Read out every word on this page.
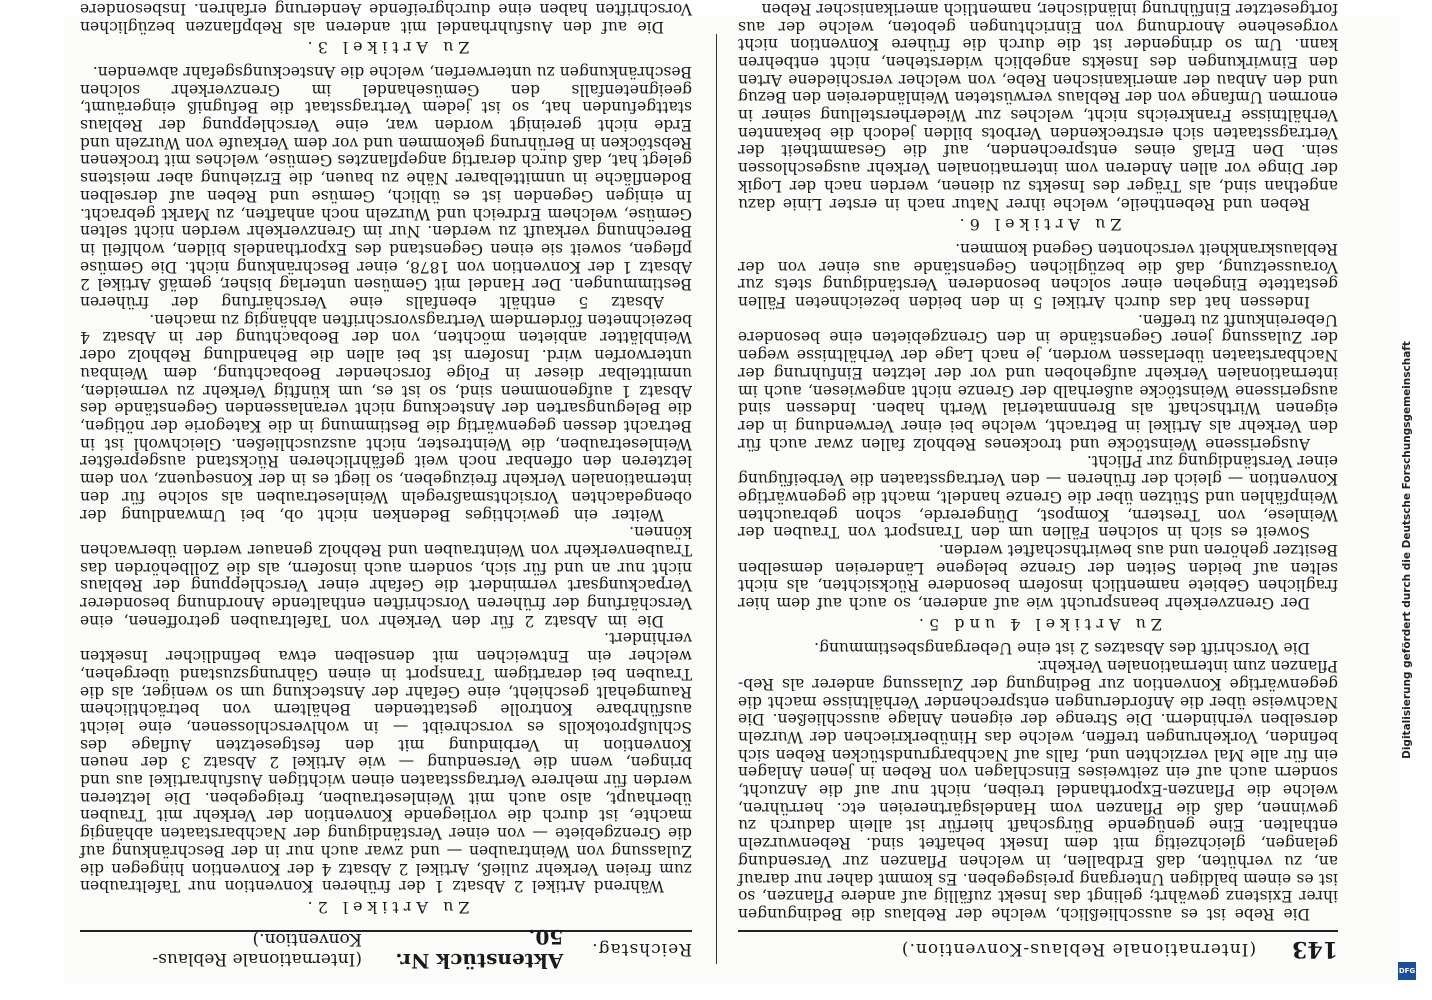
143
(Internationale Reblaus-Konvention.)
Reichstag.
Aktenstück Nr. 50.
(Internationale Reblaus-Konvention.)

Die Rebe ist es ausschließlich, welche der Reblaus die Bedingungen ihrer Existenz gewährt; gelingt das Insekt zufällig auf andere Pflanzen, so ist es einem baldigen Untergang preisgegeben. Es kommt daher nur darauf an, zu verhüten, daß Erdballen, in welchen Pflanzen zur Versendung gelangen, gleichzeitig mit dem Insekt behaftet sind. Rebenwurzeln enthalten. Eine genügende Bürgschaft hierfür ist allein dadurch zu gewinnen, daß die Pflanzen vom Handelsgärtnereien etc. herrühren, welche die Pflanzen-Exporthandel treiben, nicht nur auf die Anzucht, sondern auch auf ein zeitweises Einschlagen von Reben in jenen Anlagen ein für alle Mal verzichten und, falls auf Nachbargrundstücken Reben sich befinden, Vorkehrungen treffen, welche das Hinüberkriechen der Wurzeln derselben verhindern. Die Strenge der eigenen Anlage ausschließen. Die Nachweise über die Anforderungen entsprechender Verhältnisse macht die gegenwärtige Konvention zur Bedingung der Zulassung anderer als Reb-Pflanzen zum internationalen Verkehr.

Die Vorschrift des Absatzes 2 ist eine Uebergangsbestimmung.

Zu Artikel 4 und 5.

Der Grenzverkehr beansprucht wie auf anderen, so auch auf dem hier fraglichen Gebiete namentlich insofern besondere Rücksichten, als nicht selten auf beiden Seiten der Grenze belegene Ländereien demselben Besitzer gehören und aus bewirthschaftet werden.

Soweit es sich in solchen Fällen um den Transport von Trauben der Weinlese, von Trestern, Kompost, Düngererde, schon gebrauchten Weinpfählen und Stützen über die Grenze handelt, macht die gegenwärtige Konvention — gleich der früheren — den Vertragsstaaten die Verbeifügung einer Verständigung zur Pflicht.

Ausgerissene Weinstöcke und trockenes Rebholz fallen zwar auch für den Verkehr als Artikel in Betracht, welche bei einer Verwendung in der eigenen Wirthschaft als Brennmaterial Werth haben. Indessen sind ausgerissene Weinstöcke außerhalb der Grenze nicht angewiesen, auch im internationalen Verkehr aufgehoben und vor der letzten Einfuhrung der Nachbarstaaten überlassen worden, je nach Lage der Verhältnisse wegen der Zulassung jener Gegenstände in den Grenzgebieten eine besondere Uebereinkunft zu treffen.

Indessen hat das durch Artikel 5 in den beiden bezeichneten Fällen gestattete Eingehen einer solchen besonderen Verständigung stets zur Voraussetzung, daß die bezüglichen Gegenstände aus einer von der Reblauskrankheit verschonten Gegend kommen.

Zu Artikel 6.

Reben und Rebentheile, welche ihrer Natur nach in erster Linie dazu angethan sind, als Träger des Insekts zu dienen, werden nach der Logik der Dinge vor allen Anderen vom internationalen Verkehr ausgeschlossen sein. Den Erlaß eines entsprechenden, auf die Gesammtheit der Vertragsstaaten sich erstreckenden Verbots bilden jedoch die bekannten Verhältnisse Frankreichs nicht, welches zur Wiederherstellung seiner in enormen Umfange von der Reblaus verwüsteten Weinländereien den Bezug und den Anbau der amerikanischen Rebe, von welcher verschiedene Arten den Einwirkungen des Insekts angeblich widerstehen, nicht entbehren kann. Um so dringender ist die durch die frühere Konvention nicht vorgesehene Anordnung von Einrichtungen geboten, welche der aus fortgesetzter Einführung inländischer, namentlich amerikanischer Reben

Zu Artikel 2.

Während Artikel 2 Absatz 1 der früheren Konvention nur Tafeltrauben zum freien Verkehr zuließ, Artikel 2 Absatz 4 der Konvention hingegen die Zulassung von Weintrauben — und zwar auch nur in der Beschränkung auf die Grenzgebiete — von einer Verständigung der Nachbarstaaten abhängig machte, ist durch die vorliegende Konvention der Verkehr mit Trauben überhaupt, also auch mit Weinlesetrauben, freigegeben. Die letzteren werden für mehrere Vertragsstaaten einen wichtigen Ausfuhrartikel aus und bringen, wenn die Versendung — wie Artikel 2 Absatz 3 der neuen Konvention in Verbindung mit den festgesetzten Auflage des Schlußprotokolls es vorschreibt — in wohlverschlossenen, eine leicht ausführbare Kontrolle gestattenden Behältern von beträchtlichem Raumgehalt geschieht, eine Gefahr der Ansteckung um so weniger, als die Trauben bei derartigem Transport in einen Gährungszustand übergehen, welcher ein Entweichen mit denselben etwa befindlicher Insekten verhindert.

Die im Absatz 2 für den Verkehr von Tafeltrauben getroffenen, eine Verschärfung der früheren Vorschriften enthaltende Anordnung besonderer Verpackungsart vermindert die Gefahr einer Verschleppung der Reblaus nicht nur an und für sich, sondern auch insofern, als die Zollbehörden das Traubenverkehr von Weintrauben und Rebholz genauer werden überwachen können.

Weiter ein gewichtiges Bedenken nicht ob, bei Umwandlung der obengedachten Vorsichtsmaßregeln Weinlesetrauben als solche für den internationalen Verkehr freizugeben, so liegt es in der Konsequenz, von dem letzteren den offenbar noch weit gefährlicheren Rückstand ausgepreßter Weinlesetrauben, die Weintrester, nicht auszuschließen. Gleichwohl ist in Betracht dessen gegenwärtig die Bestimmung in die Kategorie der nötigen, die Belegungsarten der Ansteckung nicht veranlassenden Gegenstände des Absatz 1 aufgenommen sind, so ist es, um künftig Verkehr zu vermeiden, unmittelbar dieser in Folge forschender Beobachtung, dem Weinbau unterworfen wird. Insofern ist bei allen die Behandlung Rebholz oder Weinblätter anbieten möchten, von der Beobachtung der in Absatz 4 bezeichneten förderndem Vertragsvorschriften abhängig zu machen.

Absatz 5 enthält ebenfalls eine Verschärfung der früheren Bestimmungen. Der Handel mit Gemüsen unterlag bisher, gemäß Artikel 2 Absatz 1 der Konvention von 1878, einer Beschränkung nicht. Die Gemüse pflegen, soweit sie einen Gegenstand des Exporthandels bilden, wohlfeil in Berechnung verkauft zu werden. Nur im Grenzverkehr werden nicht selten Gemüse, welchem Erdreich und Wurzeln noch anhaften, zu Markt gebracht. In einigen Gegenden ist es üblich, Gemüse und Reben auf derselben Bodenfläche in unmittelbarer Nähe zu bauen, die Erziehung aber meistens gelegt hat, daß durch derartig angepflanztes Gemüse, welches mit trockenen Rebstöcken in Berührung gekommen und vor dem Verkaufe von Wurzeln und Erde nicht gereinigt worden war, eine Verschleppung der Reblaus stattgefunden hat, so ist jedem Vertragsstaat die Befugniß eingeräumt, geeignetenfalls den Gemüsehandel im Grenzverkehr solchen Beschränkungen zu unterwerfen, welche die Ansteckungsgefahr abwenden.

Zu Artikel 3.

Die auf den Ausfuhrhandel mit anderen als Rebpflanzen bezüglichen Vorschriften haben eine durchgreifende Aenderung erfahren. Insbesondere

Digitalisierung gefördert durch die Deutsche Forschungsgemeinschaft
DFG
